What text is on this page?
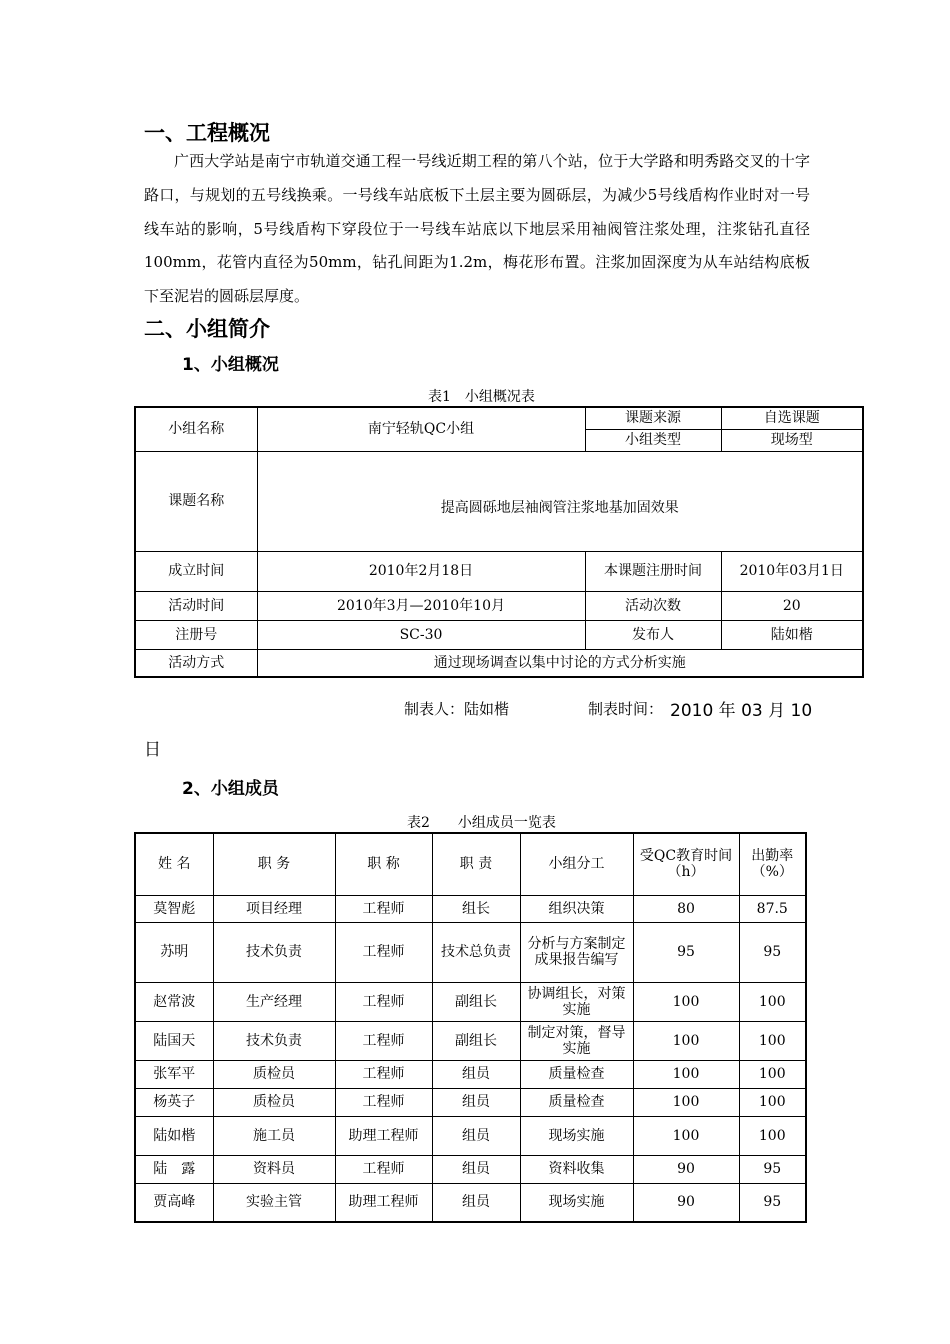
一、工程概况
广西大学站是南宁市轨道交通工程一号线近期工程的第八个站，位于大学路和明秀路交叉的十字路口，与规划的五号线换乘。一号线车站底板下土层主要为圆砾层，为减少5号线盾构作业时对一号线车站的影响，5号线盾构下穿段位于一号线车站底以下地层采用袖阀管注浆处理，注浆钻孔直径100mm，花管内直径为50mm，钻孔间距为1.2m，梅花形布置。注浆加固深度为从车站结构底板下至泥岩的圆砾层厚度。
二、小组简介
1、小组概况
表1　小组概况表
小组名称	南宁轻轨QC小组	课题来源	自选课题
		小组类型	现场型
课题名称	提高圆砾地层袖阀管注浆地基加固效果		
成立时间	2010年2月18日	本课题注册时间	2010年03月1日
活动时间	2010年3月—2010年10月	活动次数	20
注册号	SC-30	发布人	陆如楷
活动方式	通过现场调查以集中讨论的方式分析实施		
制表人：陆如楷	制表时间： 2010 年 03 月 10
日
2、小组成员
表2　　小组成员一览表
姓 名	职 务	职 称	职 责	小组分工	受QC教育时间（h）	出勤率（%）
莫智彪	项目经理	工程师	组长	组织决策	80	87.5
苏明	技术负责	工程师	技术总负责	分析与方案制定成果报告编写	95	95
赵常波	生产经理	工程师	副组长	协调组长，对策实施	100	100
陆国天	技术负责	工程师	副组长	制定对策，督导实施	100	100
张军平	质检员	工程师	组员	质量检查	100	100
杨英子	质检员	工程师	组员	质量检查	100	100
陆如楷	施工员	助理工程师	组员	现场实施	100	100
陆　露	资料员	工程师	组员	资料收集	90	95
贾高峰	实验主管	助理工程师	组员	现场实施	90	95
